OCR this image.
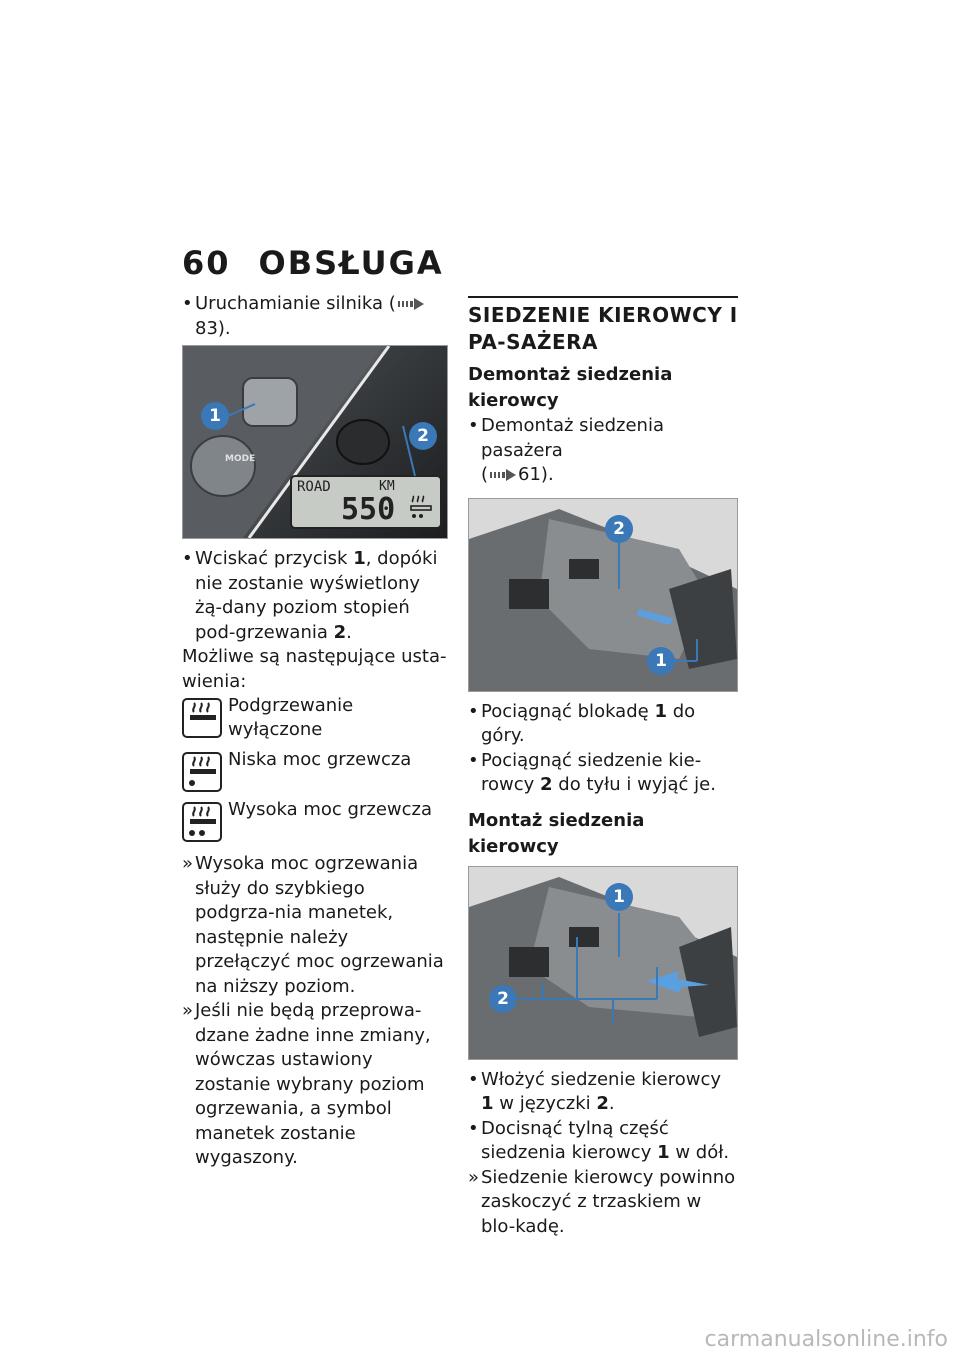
60 OBSŁUGA

• Uruchamianie silnika (83).

1
2
MODE
ROAD	KM
550

• Wciskać przycisk 1, dopóki nie zostanie wyświetlony żą-dany poziom stopień pod-grzewania 2.

Możliwe są następujące usta-wienia:

Podgrzewanie wyłączone
Niska moc grzewcza
Wysoka moc grzewcza

» Wysoka moc ogrzewania służy do szybkiego podgrza-nia manetek, następnie należy przełączyć moc ogrzewania na niższy poziom.

» Jeśli nie będą przeprowa-dzane żadne inne zmiany, wówczas ustawiony zostanie wybrany poziom ogrzewania, a symbol manetek zostanie wygaszony.

SIEDZENIE KIEROWCY I PA-SAŻERA
Demontaż siedzenia kierowcy

• Demontaż siedzenia pasażera

( 61).

2
1

• Pociągnąć blokadę 1 do góry.

• Pociągnąć siedzenie kie-rowcy 2 do tyłu i wyjąć je.

Montaż siedzenia kierowcy
1
2

• Włożyć siedzenie kierowcy 1 w języczki 2.

• Docisnąć tylną część siedzenia kierowcy 1 w dół.

» Siedzenie kierowcy powinno zaskoczyć z trzaskiem w blo-kadę.

carmanualsonline.info
